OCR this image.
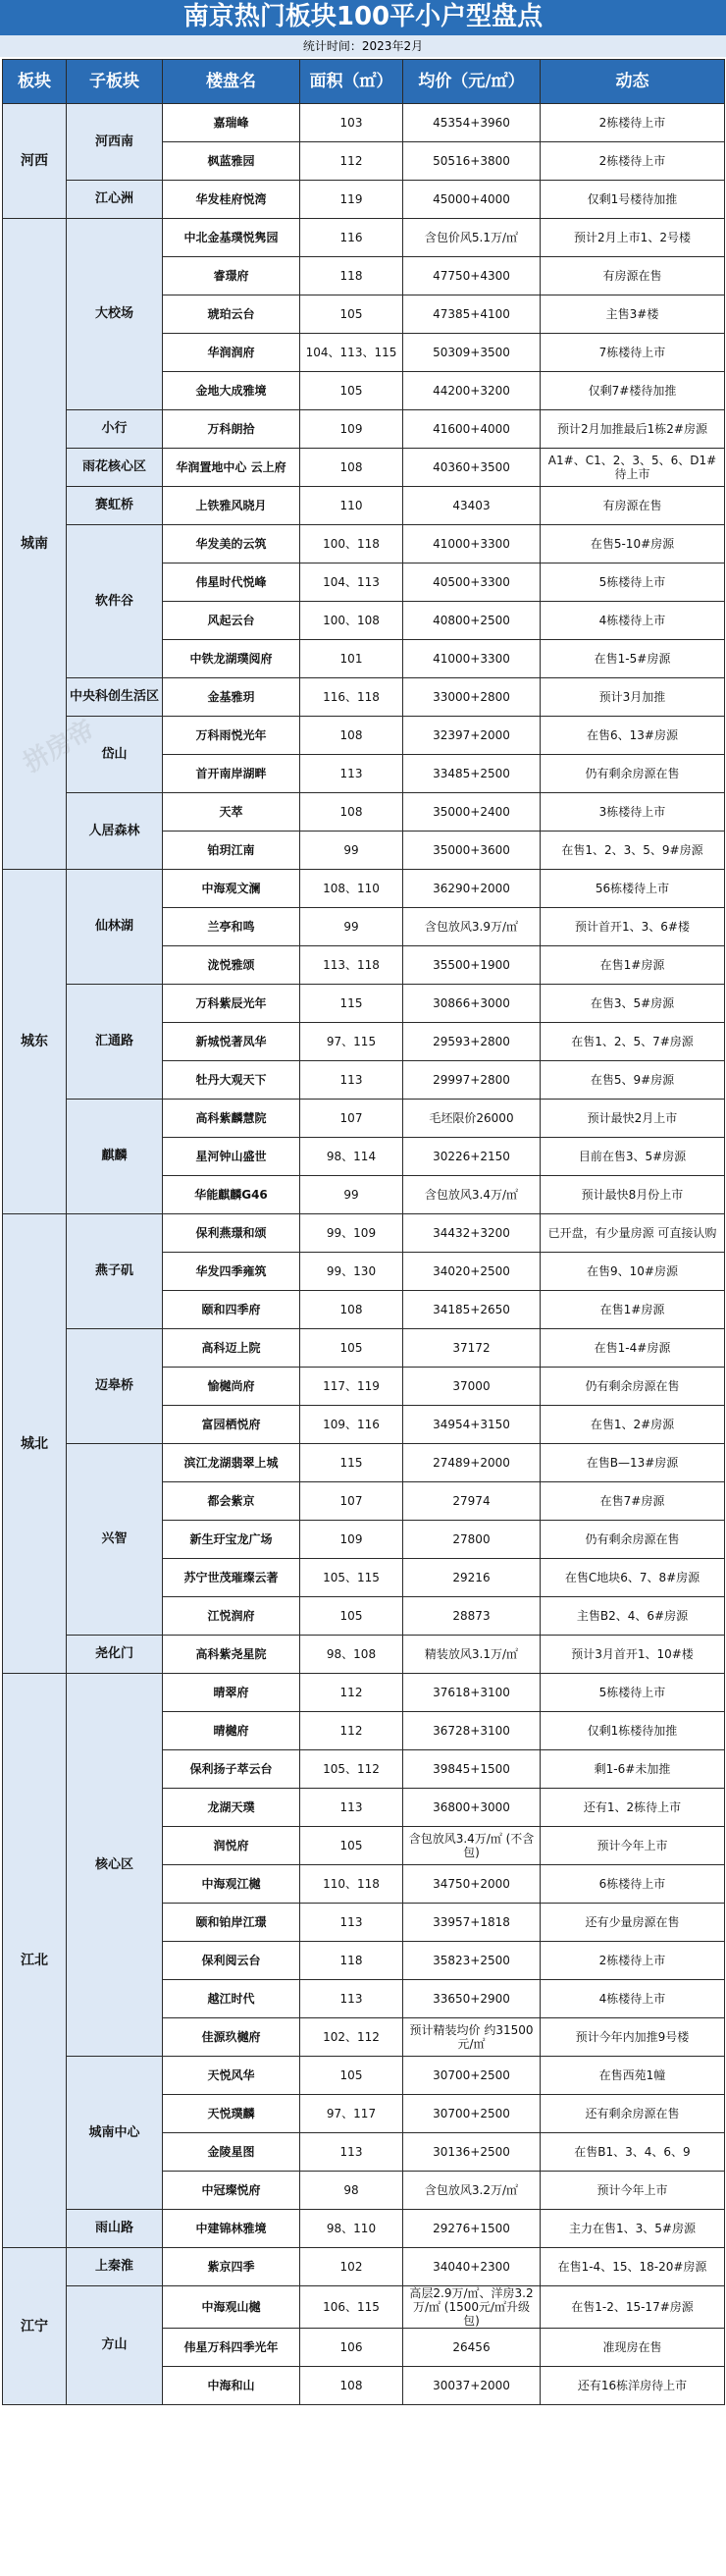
南京热门板块100平小户型盘点
统计时间：2023年2月
板块	子板块	楼盘名	面积（㎡）	均价（元/㎡）	动态
河西	河西南	嘉瑞峰	103	45354+3960	2栋楼待上市
		枫蓝雅园	112	50516+3800	2栋楼待上市
	江心洲	华发桂府悦湾	119	45000+4000	仅剩1号楼待加推
城南	大校场	中北金基璞悦隽园	116	含包价风5.1万/㎡	预计2月上市1、2号楼
		睿璟府	118	47750+4300	有房源在售
		琥珀云台	105	47385+4100	主售3#楼
		华润润府	104、113、115	50309+3500	7栋楼待上市
		金地大成雅境	105	44200+3200	仅剩7#楼待加推
	小行	万科朗拾	109	41600+4000	预计2月加推最后1栋2#房源
	雨花核心区	华润置地中心 云上府	108	40360+3500	A1#、C1、2、3、5、6、D1#待上市
	赛虹桥	上铁雅风晓月	110	43403	有房源在售
	软件谷	华发美的云筑	100、118	41000+3300	在售5-10#房源
		伟星时代悦峰	104、113	40500+3300	5栋楼待上市
		风起云台	100、108	40800+2500	4栋楼待上市
		中铁龙湖璞阅府	101	41000+3300	在售1-5#房源
	中央科创生活区	金基雅玥	116、118	33000+2800	预计3月加推
	岱山	万科雨悦光年	108	32397+2000	在售6、13#房源
		首开南岸湖畔	113	33485+2500	仍有剩余房源在售
	人居森林	天萃	108	35000+2400	3栋楼待上市
		铂玥江南	99	35000+3600	在售1、2、3、5、9#房源
城东	仙林湖	中海观文澜	108、110	36290+2000	56栋楼待上市
		兰亭和鸣	99	含包放风3.9万/㎡	预计首开1、3、6#楼
		泷悦雅颂	113、118	35500+1900	在售1#房源
	汇通路	万科紫辰光年	115	30866+3000	在售3、5#房源
		新城悦著凤华	97、115	29593+2800	在售1、2、5、7#房源
		牡丹大观天下	113	29997+2800	在售5、9#房源
	麒麟	高科紫麟慧院	107	毛坯限价26000	预计最快2月上市
		星河钟山盛世	98、114	30226+2150	目前在售3、5#房源
		华能麒麟G46	99	含包放风3.4万/㎡	预计最快8月份上市
城北	燕子矶	保利燕璟和颂	99、109	34432+3200	已开盘，有少量房源 可直接认购
		华发四季雍筑	99、130	34020+2500	在售9、10#房源
		颐和四季府	108	34185+2650	在售1#房源
	迈皋桥	高科迈上院	105	37172	在售1-4#房源
		愉樾尚府	117、119	37000	仍有剩余房源在售
		富园栖悦府	109、116	34954+3150	在售1、2#房源
	兴智	滨江龙湖翡翠上城	115	27489+2000	在售B—13#房源
		都会紫京	107	27974	在售7#房源
		新生玗宝龙广场	109	27800	仍有剩余房源在售
		苏宁世茂璀璨云著	105、115	29216	在售C地块6、7、8#房源
		江悦润府	105	28873	主售B2、4、6#房源
	尧化门	高科紫尧星院	98、108	精装放风3.1万/㎡	预计3月首开1、10#楼
江北	核心区	晴翠府	112	37618+3100	5栋楼待上市
		晴樾府	112	36728+3100	仅剩1栋楼待加推
		保利扬子萃云台	105、112	39845+1500	剩1-6#未加推
		龙湖天璞	113	36800+3000	还有1、2栋待上市
		润悦府	105	含包放风3.4万/㎡ (不含包)	预计今年上市
		中海观江樾	110、118	34750+2000	6栋楼待上市
		颐和铂岸江璟	113	33957+1818	还有少量房源在售
		保利阅云台	118	35823+2500	2栋楼待上市
		越江时代	113	33650+2900	4栋楼待上市
		佳源玖樾府	102、112	预计精装均价 约31500元/㎡	预计今年内加推9号楼
	城南中心	天悦风华	105	30700+2500	在售西苑1幢
		天悦璞麟	97、117	30700+2500	还有剩余房源在售
		金陵星图	113	30136+2500	在售B1、3、4、6、9
		中冠璨悦府	98	含包放风3.2万/㎡	预计今年上市
	雨山路	中建锦林雅境	98、110	29276+1500	主力在售1、3、5#房源
江宁	上秦淮	紫京四季	102	34040+2300	在售1-4、15、18-20#房源
	方山	中海观山樾	106、115	高层2.9万/㎡、洋房3.2万/㎡ (1500元/㎡升级包)	在售1-2、15-17#房源
		伟星万科四季光年	106	26456	准现房在售
		中海和山	108	30037+2000	还有16栋洋房待上市
